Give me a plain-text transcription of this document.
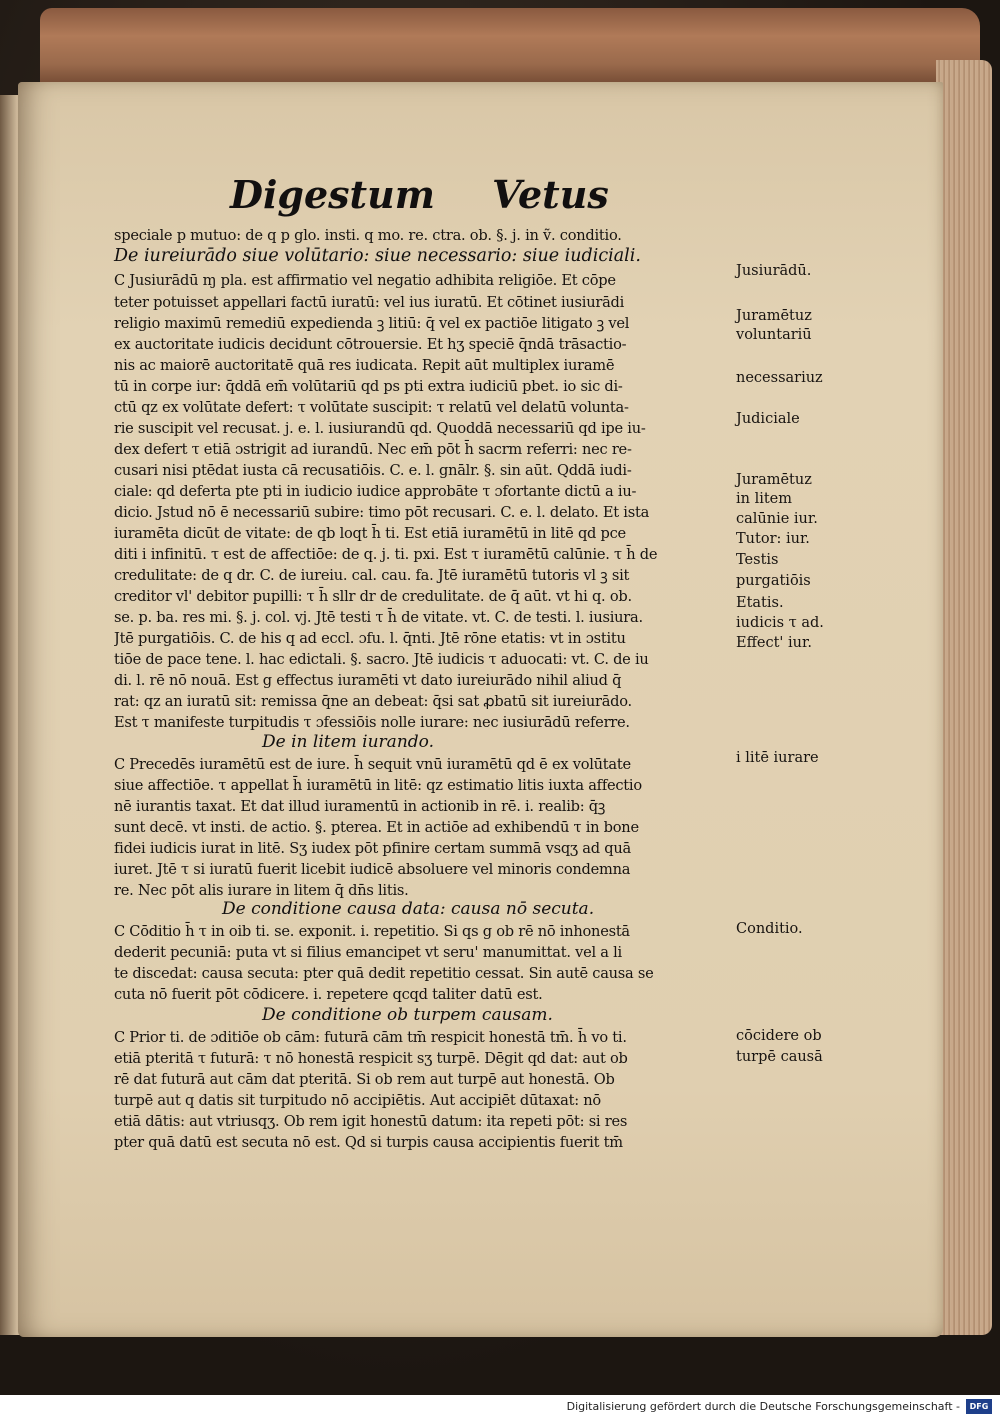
Digestum Vetus
speciale p mutuo: de q p glo. insti. q mo. re. ctra. ob. §. j. in ṽ. conditio.
De iureiurādo siue volūtario: siue necessario: siue iudiciali.
C Jusiurādū ɱ pla. est affirmatio vel negatio adhibita religiōe. Et cōpe
teter potuisset appellari factū iuratū: vel ius iuratū. Et cōtinet iusiurādi
religio maximū remediū expedienda ꝫ litiū: q̄ vel ex pactiōe litigato ꝫ vel
ex auctoritate iudicis decidunt cōtrouersie. Et hʒ speciē q̄ndā trāsactio-
nis ac maiorē auctoritatē quā res iudicata. Repit aūt multiplex iuramē
tū in corpe iur: q̄ddā em̄ volūtariū qd ps pti extra iudiciū pbet. io sic di-
ctū qz ex volūtate defert: τ volūtate suscipit: τ relatū vel delatū volunta-
rie suscipit vel recusat. j. e. l. iusiurandū qd. Quoddā necessariū qd ipe iu-
dex defert τ etiā ɔstrigit ad iurandū. Nec em̄ pōt h̄ sacrm referri: nec re-
cusari nisi ptēdat iusta cā recusatiōis. C. e. l. gnālr. §. sin aūt. Qddā iudi-
ciale: qd deferta pte pti in iudicio iudice approbāte τ ɔfortante dictū a iu-
dicio. Jstud nō ē necessariū subire: timo pōt recusari. C. e. l. delato. Et ista
iuramēta dicūt de vitate: de qb loqt h̄ ti. Est etiā iuramētū in litē qd pce
diti i infinitū. τ est de affectiōe: de q. j. ti. pxi. Est τ iuramētū calūnie. τ h̄ de
credulitate: de q dr. C. de iureiu. cal. cau. fa. Jtē iuramētū tutoris vl ꝫ sit
creditor vl' debitor pupilli: τ h̄ sllr dr de credulitate. de q̄ aūt. vt hi q. ob.
se. p. ba. res mi. §. j. col. vj. Jtē testi τ h̄ de vitate. vt. C. de testi. l. iusiura.
Jtē purgatiōis. C. de his q ad eccl. ɔfu. l. q̄nti. Jtē rōne etatis: vt in ɔstitu
tiōe de pace tene. l. hac edictali. §. sacro. Jtē iudicis τ aduocati: vt. C. de iu
di. l. rē nō nouā. Est g effectus iuramēti vt dato iureiurādo nihil aliud q̄
rat: qz an iuratū sit: remissa q̄ne an debeat: q̄si sat ꝓbatū sit iureiurādo.
Est τ manifeste turpitudis τ ɔfessiōis nolle iurare: nec iusiurādū referre.
De in litem iurando.
C Precedēs iuramētū est de iure. h̄ sequit vnū iuramētū qd ē ex volūtate
siue affectiōe. τ appellat h̄ iuramētū in litē: qz estimatio litis iuxta affectio
nē iurantis taxat. Et dat illud iuramentū in actionib in rē. i. realib: q̄ꝫ
sunt decē. vt insti. de actio. §. pterea. Et in actiōe ad exhibendū τ in bone
fidei iudicis iurat in litē. Sʒ iudex pōt pfinire certam summā vsqʒ ad quā
iuret. Jtē τ si iuratū fuerit licebit iudicē absoluere vel minoris condemna
re. Nec pōt alis iurare in litem q̄ dn̄s litis.
De conditione causa data: causa nō secuta.
C Cōditio h̄ τ in oib ti. se. exponit. i. repetitio. Si qs g ob rē nō inhonestā
dederit pecuniā: puta vt si filius emancipet vt seru' manumittat. vel a li
te discedat: causa secuta: pter quā dedit repetitio cessat. Sin autē causa se
cuta nō fuerit pōt cōdicere. i. repetere qcqd taliter datū est.
De conditione ob turpem causam.
C Prior ti. de ɔditiōe ob cām: futurā cām tm̄ respicit honestā tm̄. h̄ vo ti.
etiā pteritā τ futurā: τ nō honestā respicit sʒ turpē. Dēgit qd dat: aut ob
rē dat futurā aut cām dat pteritā. Si ob rem aut turpē aut honestā. Ob
turpē aut q datis sit turpitudo nō accipiētis. Aut accipiēt dūtaxat: nō
etiā dātis: aut vtriusqʒ. Ob rem igit honestū datum: ita repeti pōt: si res
pter quā datū est secuta nō est. Qd si turpis causa accipientis fuerit tm̄
Jusiurādū.
Juramētuz
voluntariū
necessariuz
Judiciale
Juramētuz
in litem
calūnie iur.
Tutor: iur.
Testis
purgatiōis
Etatis.
iudicis τ ad.
Effect' iur.
i litē iurare
Conditio.
cōcidere ob
turpē causā
Digitalisierung gefördert durch die Deutsche Forschungsgemeinschaft -	DFG
